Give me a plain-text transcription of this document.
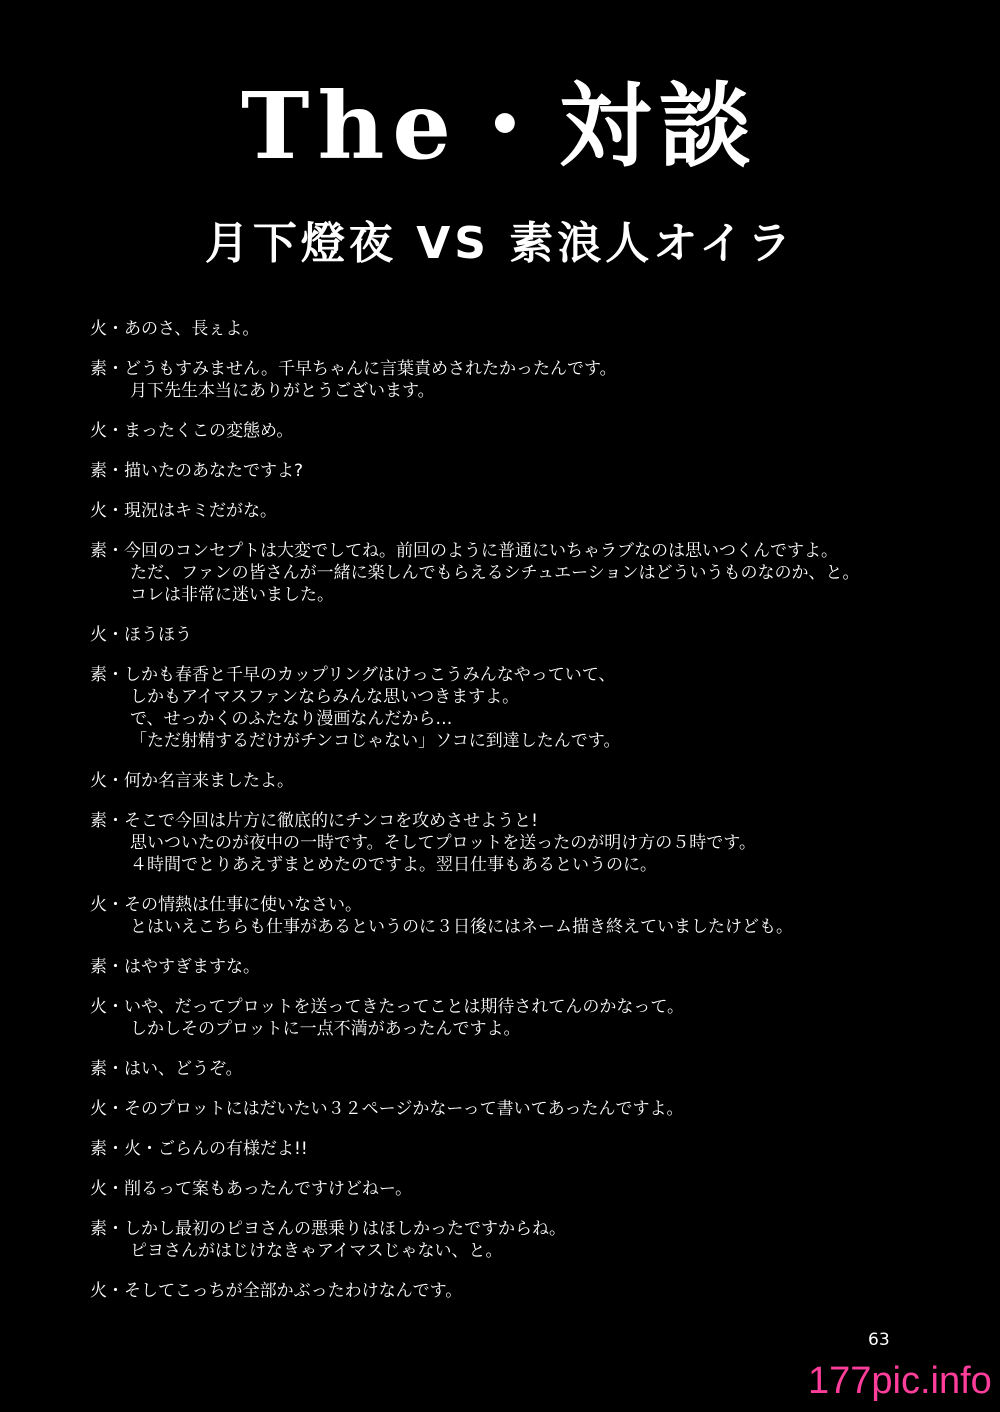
The・対談
月下燈夜 VS 素浪人オイラ
火・あのさ、長ぇよ。
素・どうもすみません。千早ちゃんに言葉責めされたかったんです。
月下先生本当にありがとうございます。
火・まったくこの変態め。
素・描いたのあなたですよ?
火・現況はキミだがな。
素・今回のコンセプトは大変でしてね。前回のように普通にいちゃラブなのは思いつくんですよ。
ただ、ファンの皆さんが一緒に楽しんでもらえるシチュエーションはどういうものなのか、と。
コレは非常に迷いました。
火・ほうほう
素・しかも春香と千早のカップリングはけっこうみんなやっていて、
しかもアイマスファンならみんな思いつきますよ。
で、せっかくのふたなり漫画なんだから…
「ただ射精するだけがチンコじゃない」ソコに到達したんです。
火・何か名言来ましたよ。
素・そこで今回は片方に徹底的にチンコを攻めさせようと!
思いついたのが夜中の一時です。そしてプロットを送ったのが明け方の５時です。
４時間でとりあえずまとめたのですよ。翌日仕事もあるというのに。
火・その情熱は仕事に使いなさい。
とはいえこちらも仕事があるというのに３日後にはネーム描き終えていましたけども。
素・はやすぎますな。
火・いや、だってプロットを送ってきたってことは期待されてんのかなって。
しかしそのプロットに一点不満があったんですよ。
素・はい、どうぞ。
火・そのプロットにはだいたい３２ページかなーって書いてあったんですよ。
素・火・ごらんの有様だよ!!
火・削るって案もあったんですけどねー。
素・しかし最初のピヨさんの悪乗りはほしかったですからね。
ピヨさんがはじけなきゃアイマスじゃない、と。
火・そしてこっちが全部かぶったわけなんです。
63
177pic.info
